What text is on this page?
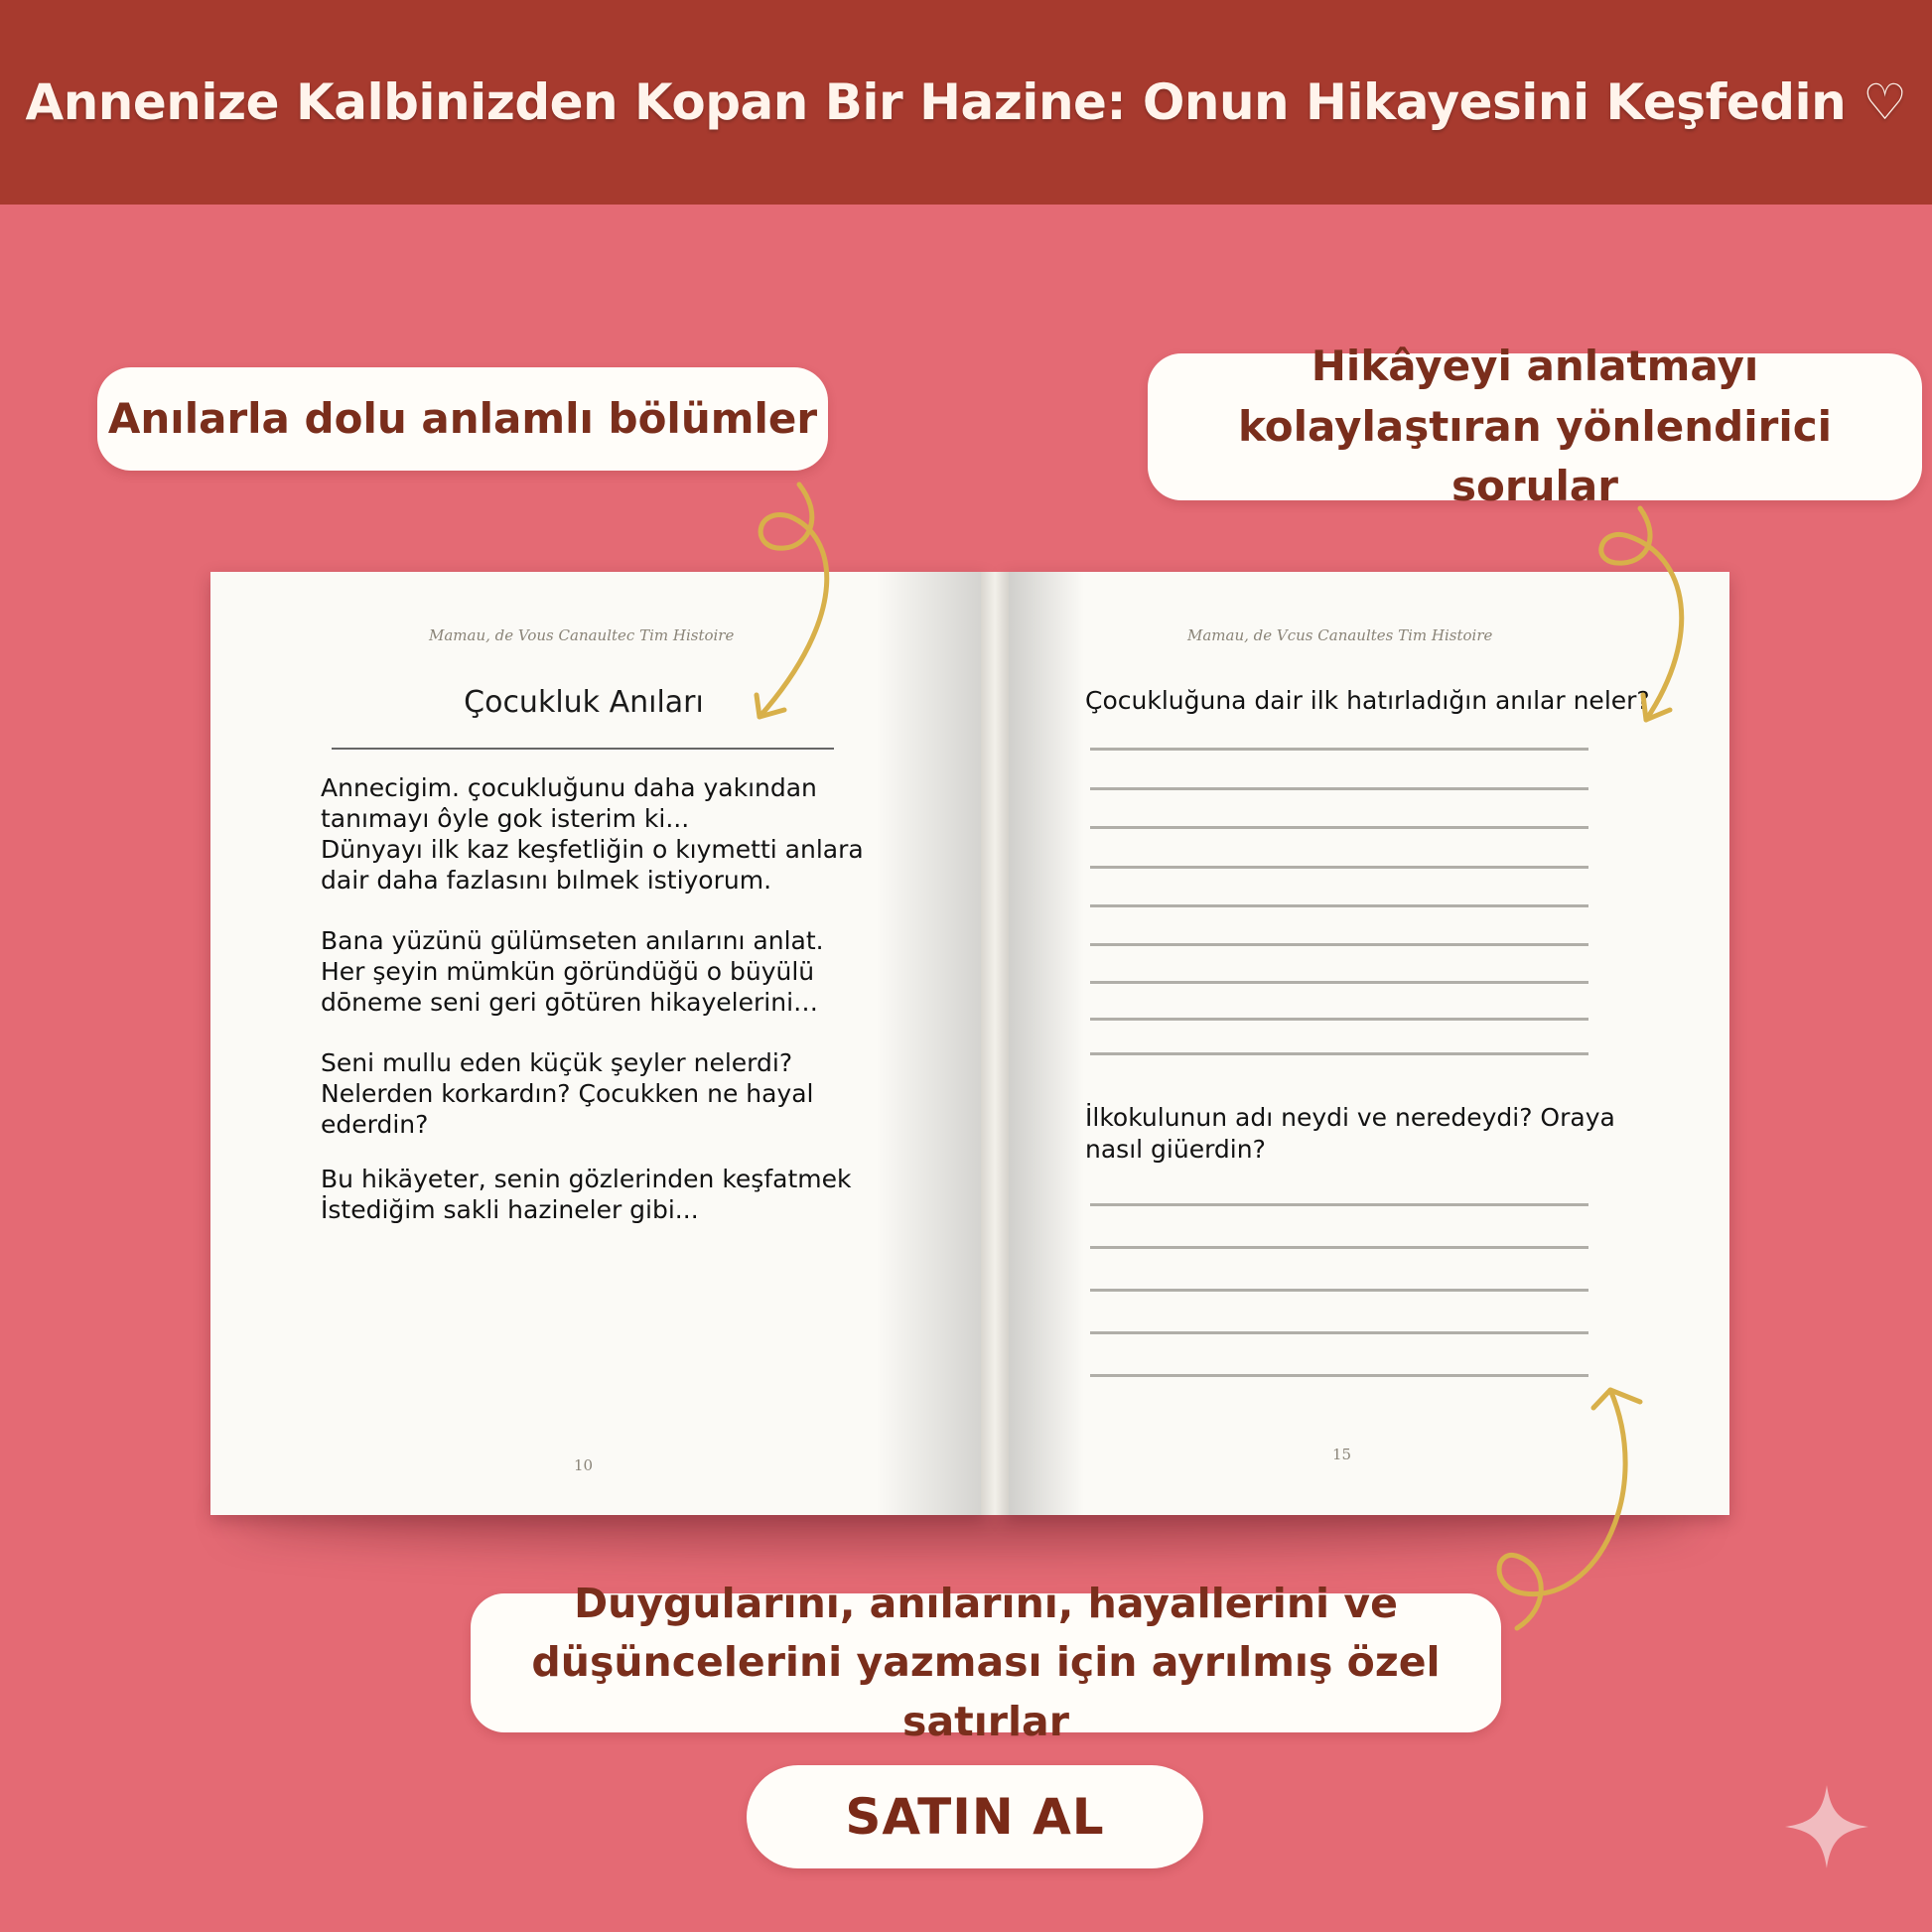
Annenize Kalbinizden Kopan Bir Hazine: Onun Hikayesini Keşfedin ♡
Anılarla dolu anlamlı bölümler
Hikâyeyi anlatmayı kolaylaştıran yönlendirici sorular
Mamau, de Vous Canaultec Tim Histoire
Çocukluk Anıları

Annecigim. çocukluğunu daha yakından
tanımayı ôyle gok isterim ki...
Dünyayı ilk kaz keşfetliğin o kıymetti anlara
dair daha fazlasını bılmek istiyorum.

Bana yüzünü gülümseten anılarını anlat.
Her şeyin mümkün göründüğü o büyülü
dōneme seni geri gōtüren hikayelerini…

Seni mullu eden küçük şeyler nelerdi?
Nelerden korkardın? Çocukken ne hayal
ederdin?

Bu hikäyeter, senin gözlerinden keşfatmek
İstediğim sakli hazineler gibi...

10
Mamau, de Vcus Canaultes Tim Histoire
Çocukluğuna dair ilk hatırladığın anılar neler?
İlkokulunun adı neydi ve neredeydi? Oraya
nasıl giüerdin?
15
Duygularını, anılarını, hayallerini ve düşüncelerini yazması için ayrılmış özel satırlar
SATIN AL
